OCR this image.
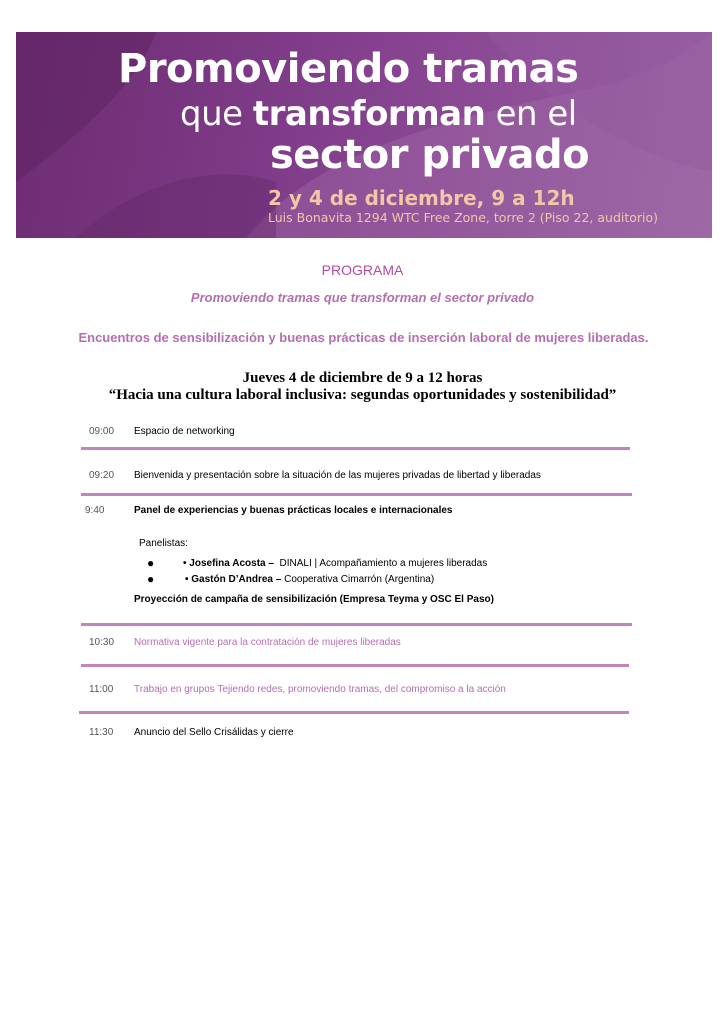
Promoviendo tramas
que transforman en el
sector privado
2 y 4 de diciembre, 9 a 12h
Luis Bonavita 1294 WTC Free Zone, torre 2 (Piso 22, auditorio)
PROGRAMA
Promoviendo tramas que transforman el sector privado
Encuentros de sensibilización y buenas prácticas de inserción laboral de mujeres liberadas.
Jueves 4 de diciembre de 9 a 12 horas
“Hacia una cultura laboral inclusiva: segundas oportunidades y sostenibilidad”
09:00 Espacio de networking
09:20 Bienvenida y presentación sobre la situación de las mujeres privadas de libertad y liberadas
9:40	Panel de experiencias y buenas prácticas locales e internacionales
Panelistas:
●	• Josefina Acosta – DINALI | Acompañamiento a mujeres liberadas
●	• Gastón D’Andrea – Cooperativa Cimarrón (Argentina)
Proyección de campaña de sensibilización (Empresa Teyma y OSC El Paso)
10:30 Normativa vigente para la contratación de mujeres liberadas
11:00 Trabajo en grupos Tejiendo redes, promoviendo tramas, del compromiso a la acción
11:30 Anuncio del Sello Crisálidas y cierre
